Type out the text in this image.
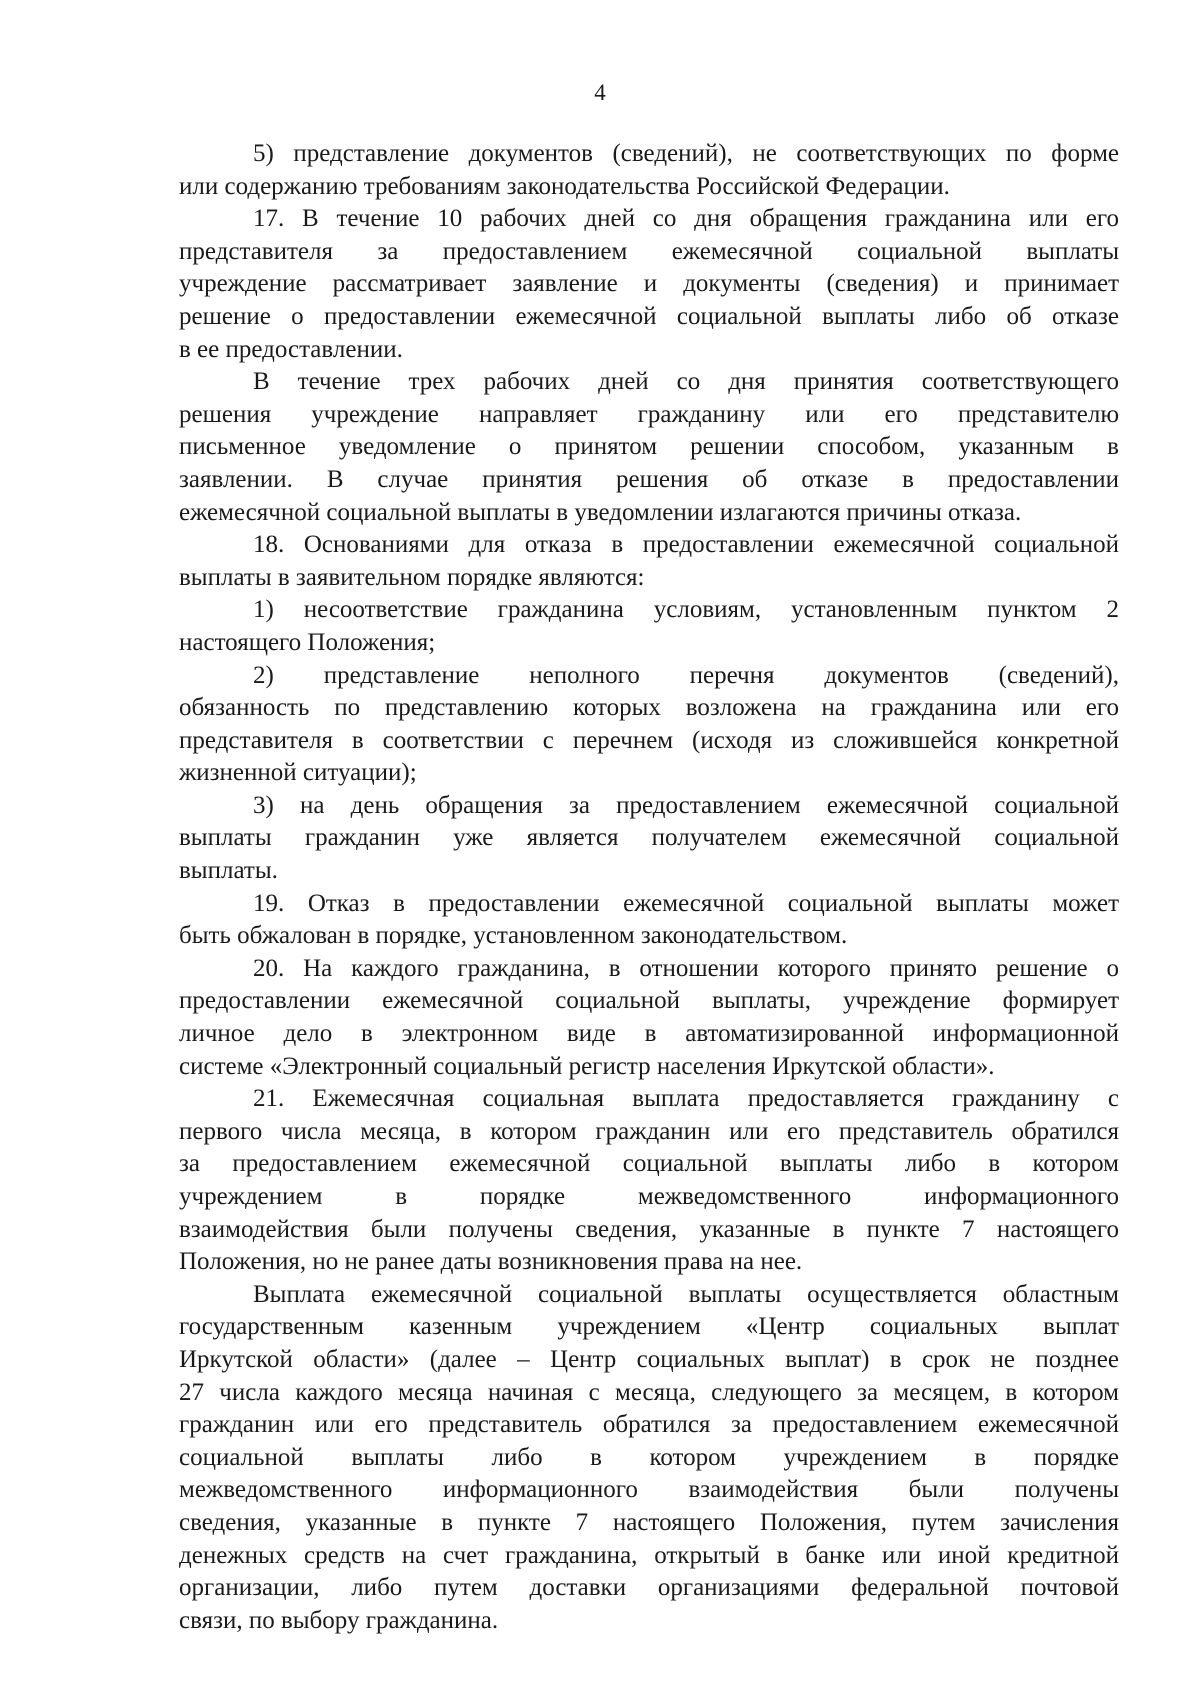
4
5) представление документов (сведений), не соответствующих по форме
или содержанию требованиям законодательства Российской Федерации.
17. В течение 10 рабочих дней со дня обращения гражданина или его
представителя за предоставлением ежемесячной социальной выплаты
учреждение рассматривает заявление и документы (сведения) и принимает
решение о предоставлении ежемесячной социальной выплаты либо об отказе
в ее предоставлении.
В течение трех рабочих дней со дня принятия соответствующего
решения учреждение направляет гражданину или его представителю
письменное уведомление о принятом решении способом, указанным в
заявлении. В случае принятия решения об отказе в предоставлении
ежемесячной социальной выплаты в уведомлении излагаются причины отказа.
18. Основаниями для отказа в предоставлении ежемесячной социальной
выплаты в заявительном порядке являются:
1) несоответствие гражданина условиям, установленным пунктом 2
настоящего Положения;
2) представление неполного перечня документов (сведений),
обязанность по представлению которых возложена на гражданина или его
представителя в соответствии с перечнем (исходя из сложившейся конкретной
жизненной ситуации);
3) на день обращения за предоставлением ежемесячной социальной
выплаты гражданин уже является получателем ежемесячной социальной
выплаты.
19. Отказ в предоставлении ежемесячной социальной выплаты может
быть обжалован в порядке, установленном законодательством.
20. На каждого гражданина, в отношении которого принято решение о
предоставлении ежемесячной социальной выплаты, учреждение формирует
личное дело в электронном виде в автоматизированной информационной
системе «Электронный социальный регистр населения Иркутской области».
21. Ежемесячная социальная выплата предоставляется гражданину с
первого числа месяца, в котором гражданин или его представитель обратился
за предоставлением ежемесячной социальной выплаты либо в котором
учреждением в порядке межведомственного информационного
взаимодействия были получены сведения, указанные в пункте 7 настоящего
Положения, но не ранее даты возникновения права на нее.
Выплата ежемесячной социальной выплаты осуществляется областным
государственным казенным учреждением «Центр социальных выплат
Иркутской области» (далее – Центр социальных выплат) в срок не позднее
27 числа каждого месяца начиная с месяца, следующего за месяцем, в котором
гражданин или его представитель обратился за предоставлением ежемесячной
социальной выплаты либо в котором учреждением в порядке
межведомственного информационного взаимодействия были получены
сведения, указанные в пункте 7 настоящего Положения, путем зачисления
денежных средств на счет гражданина, открытый в банке или иной кредитной
организации, либо путем доставки организациями федеральной почтовой
связи, по выбору гражданина.
